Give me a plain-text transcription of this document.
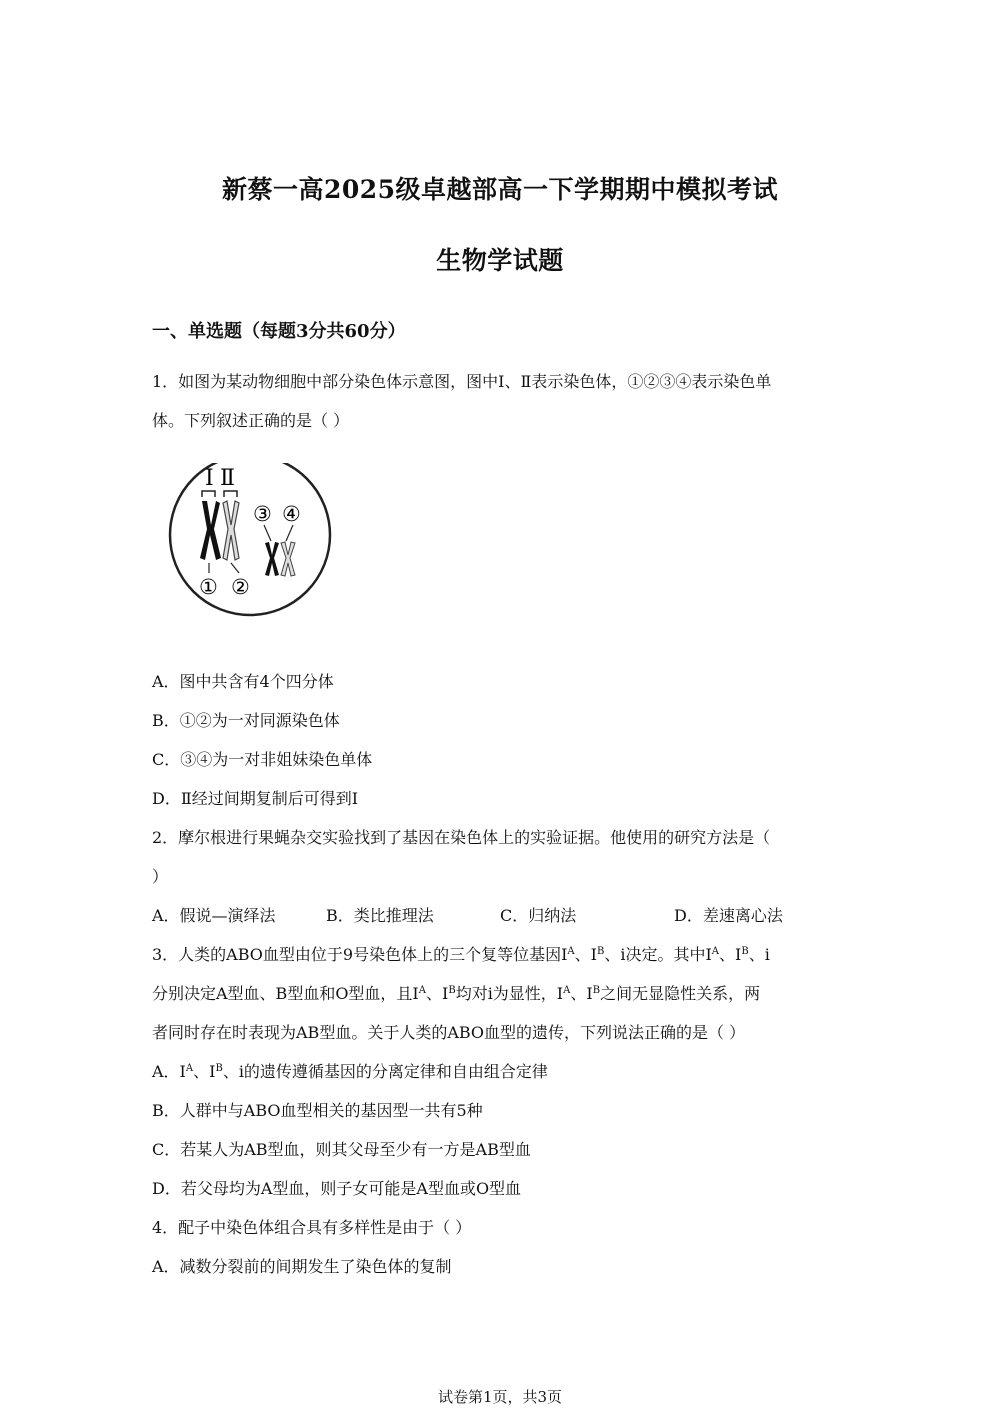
新蔡一高2025级卓越部高一下学期期中模拟考试
生物学试题
一、单选题（每题3分共60分）
1．如图为某动物细胞中部分染色体示意图，图中Ⅰ、Ⅱ表示染色体，①②③④表示染色单
体。下列叙述正确的是（ ）
Ⅰ Ⅱ
① ②
③ ④
A．图中共含有4个四分体
B．①②为一对同源染色体
C．③④为一对非姐妹染色单体
D．Ⅱ经过间期复制后可得到Ⅰ
2．摩尔根进行果蝇杂交实验找到了基因在染色体上的实验证据。他使用的研究方法是（
）
A．假说—演绎法	B．类比推理法	C．归纳法	D．差速离心法
3．人类的ABO血型由位于9号染色体上的三个复等位基因$I^A$、$I^B$、i决定。其中$I^A$、$I^B$、i
分别决定A型血、B型血和O型血，且$I^A$、$I^B$均对i为显性，$I^A$、$I^B$之间无显隐性关系，两
者同时存在时表现为AB型血。关于人类的ABO血型的遗传，下列说法正确的是（ ）
A．$I^A$、$I^B$、i的遗传遵循基因的分离定律和自由组合定律
B．人群中与ABO血型相关的基因型一共有5种
C．若某人为AB型血，则其父母至少有一方是AB型血
D．若父母均为A型血，则子女可能是A型血或O型血
4．配子中染色体组合具有多样性是由于（ ）
A．减数分裂前的间期发生了染色体的复制
试卷第1页，共3页
